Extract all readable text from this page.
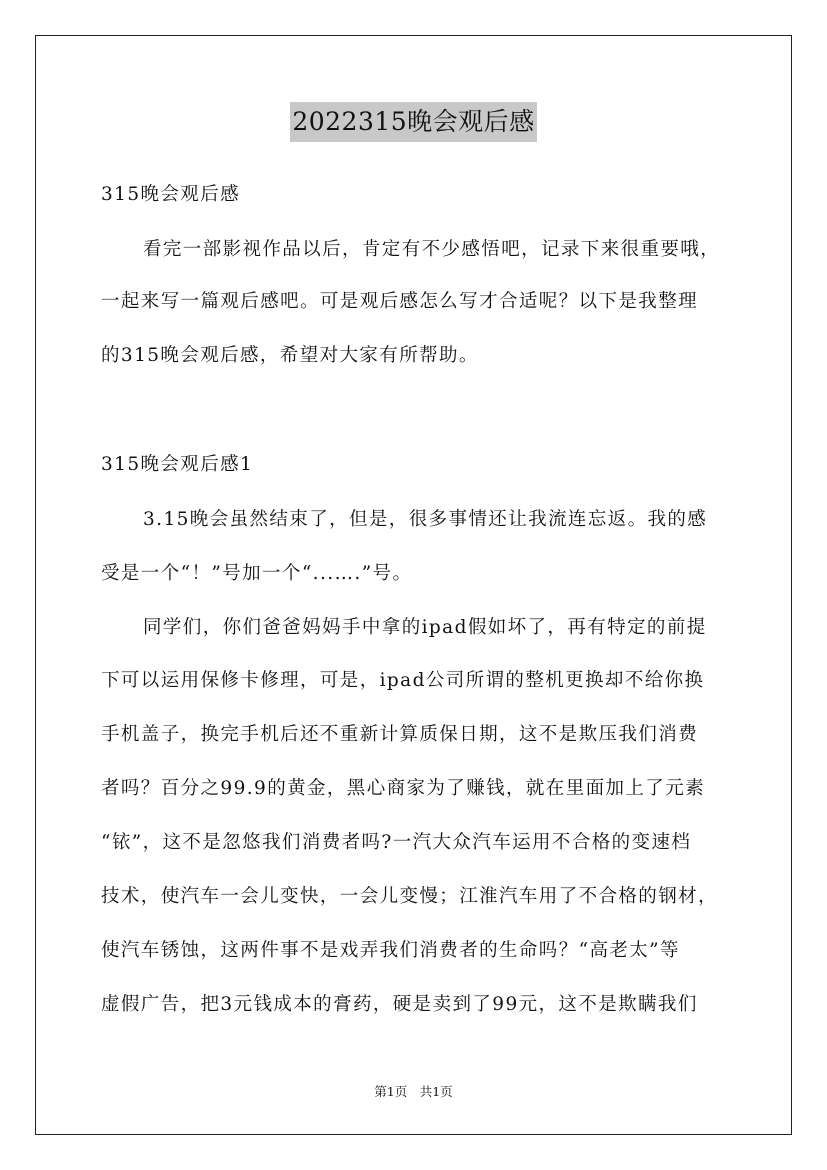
2022315晚会观后感
315晚会观后感
看完一部影视作品以后，肯定有不少感悟吧，记录下来很重要哦，
一起来写一篇观后感吧。可是观后感怎么写才合适呢？以下是我整理
的315晚会观后感，希望对大家有所帮助。
315晚会观后感1
3.15晚会虽然结束了，但是，很多事情还让我流连忘返。我的感
受是一个“！”号加一个“...….”号。
同学们，你们爸爸妈妈手中拿的ipad假如坏了，再有特定的前提
下可以运用保修卡修理，可是，ipad公司所谓的整机更换却不给你换
手机盖子，换完手机后还不重新计算质保日期，这不是欺压我们消费
者吗？百分之99.9的黄金，黑心商家为了赚钱，就在里面加上了元素
“铱”，这不是忽悠我们消费者吗?一汽大众汽车运用不合格的变速档
技术，使汽车一会儿变快，一会儿变慢；江淮汽车用了不合格的钢材，
使汽车锈蚀，这两件事不是戏弄我们消费者的生命吗？“高老太”等
虚假广告，把3元钱成本的膏药，硬是卖到了99元，这不是欺瞒我们
第1页　共1页
